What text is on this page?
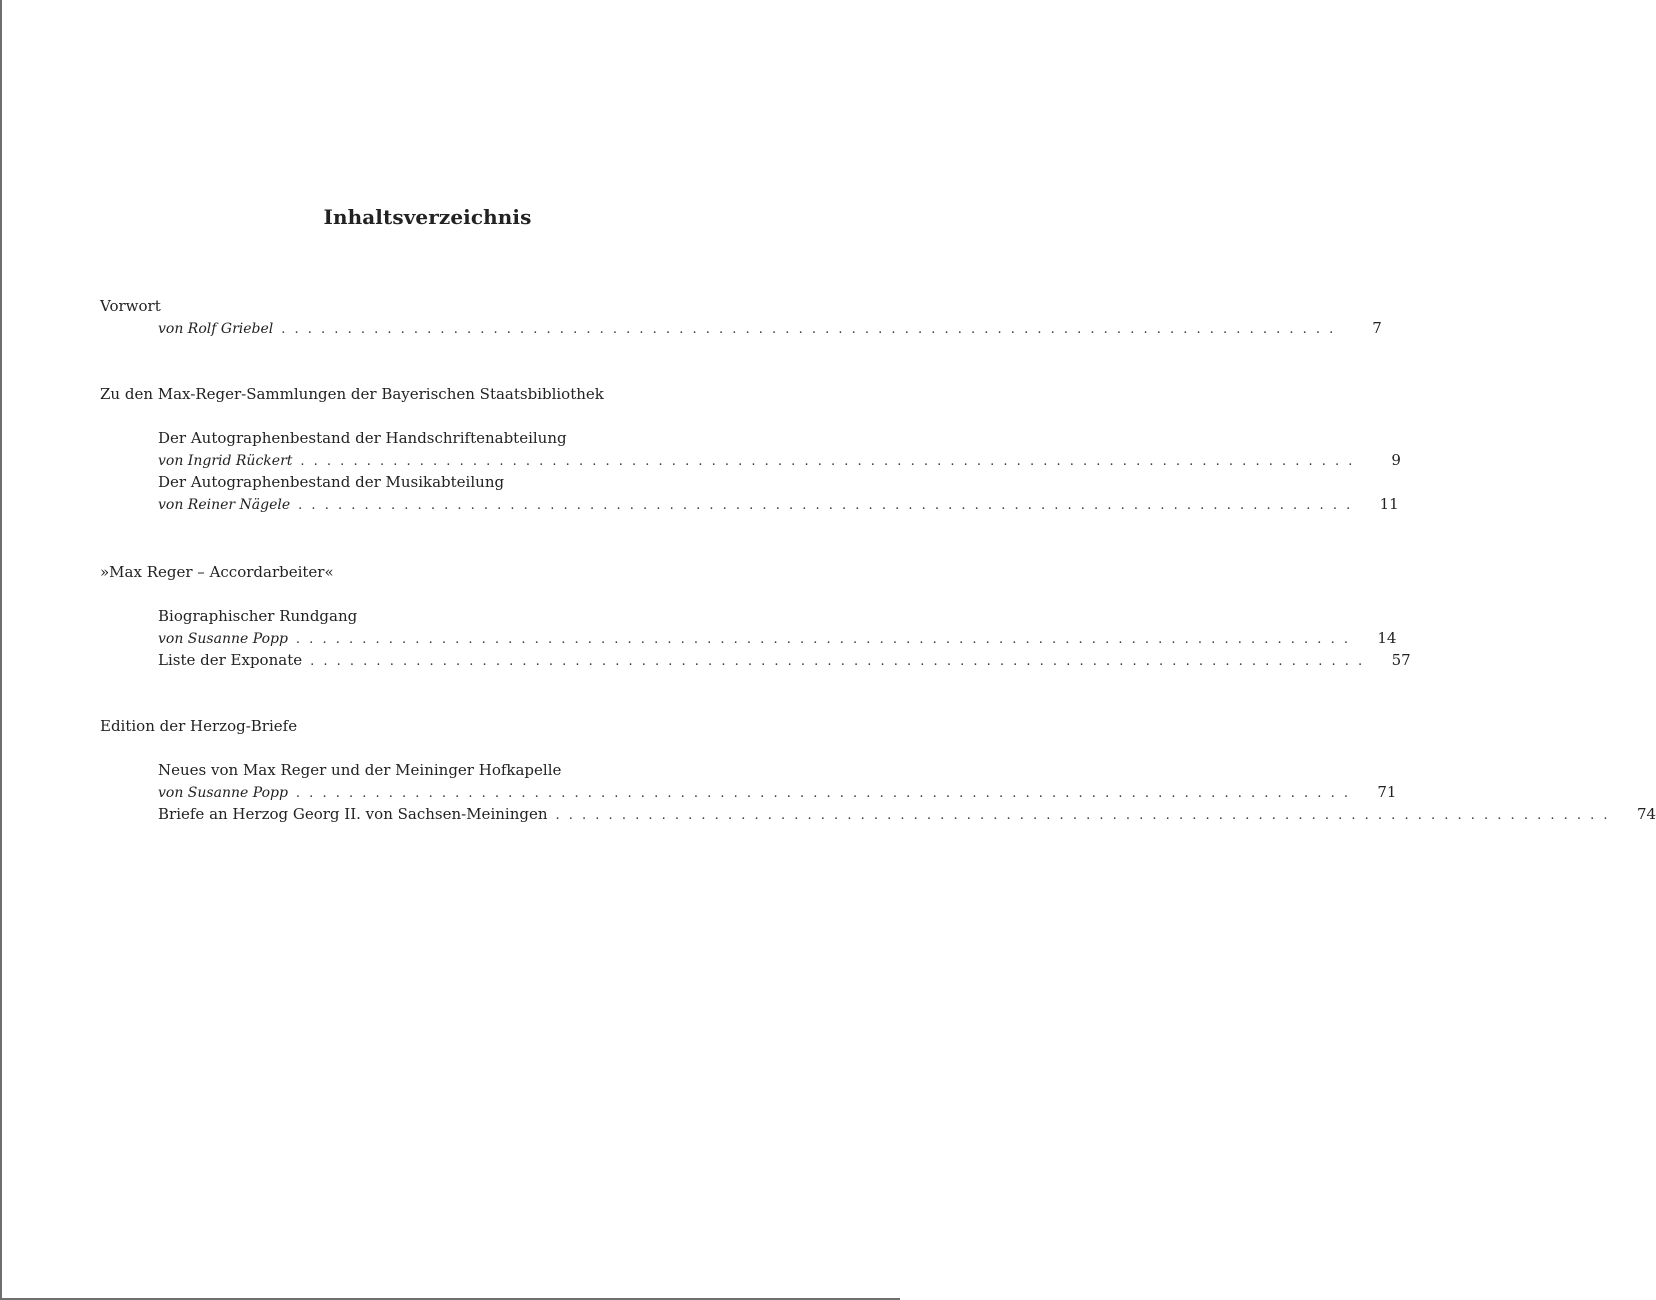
Inhaltsverzeichnis
Vorwort
von Rolf Griebel . . . . . . . . . . . . . . . . . . . . . . . . . . . . . . . . . . . . . . . . . . . . . . . . . . . . . . . . . . . . . . . . . . . . . . . . . . . . . . . .	7
Zu den Max-Reger-Sammlungen der Bayerischen Staatsbibliothek
Der Autographenbestand der Handschriftenabteilung
von Ingrid Rückert . . . . . . . . . . . . . . . . . . . . . . . . . . . . . . . . . . . . . . . . . . . . . . . . . . . . . . . . . . . . . . . . . . . . . . . . . . . . . . . .	9
Der Autographenbestand der Musikabteilung
von Reiner Nägele . . . . . . . . . . . . . . . . . . . . . . . . . . . . . . . . . . . . . . . . . . . . . . . . . . . . . . . . . . . . . . . . . . . . . . . . . . . . . . . .	11
»Max Reger – Accordarbeiter«
Biographischer Rundgang
von Susanne Popp . . . . . . . . . . . . . . . . . . . . . . . . . . . . . . . . . . . . . . . . . . . . . . . . . . . . . . . . . . . . . . . . . . . . . . . . . . . . . . . .	14
Liste der Exponate . . . . . . . . . . . . . . . . . . . . . . . . . . . . . . . . . . . . . . . . . . . . . . . . . . . . . . . . . . . . . . . . . . . . . . . . . . . . . . . .	57
Edition der Herzog-Briefe
Neues von Max Reger und der Meininger Hofkapelle
von Susanne Popp . . . . . . . . . . . . . . . . . . . . . . . . . . . . . . . . . . . . . . . . . . . . . . . . . . . . . . . . . . . . . . . . . . . . . . . . . . . . . . . .	71
Briefe an Herzog Georg II. von Sachsen-Meiningen . . . . . . . . . . . . . . . . . . . . . . . . . . . . . . . . . . . . . . . . . . . . . . . . . . . . . . . . . . . . . . . . . . . . . . . . . . . . . . . .	74
